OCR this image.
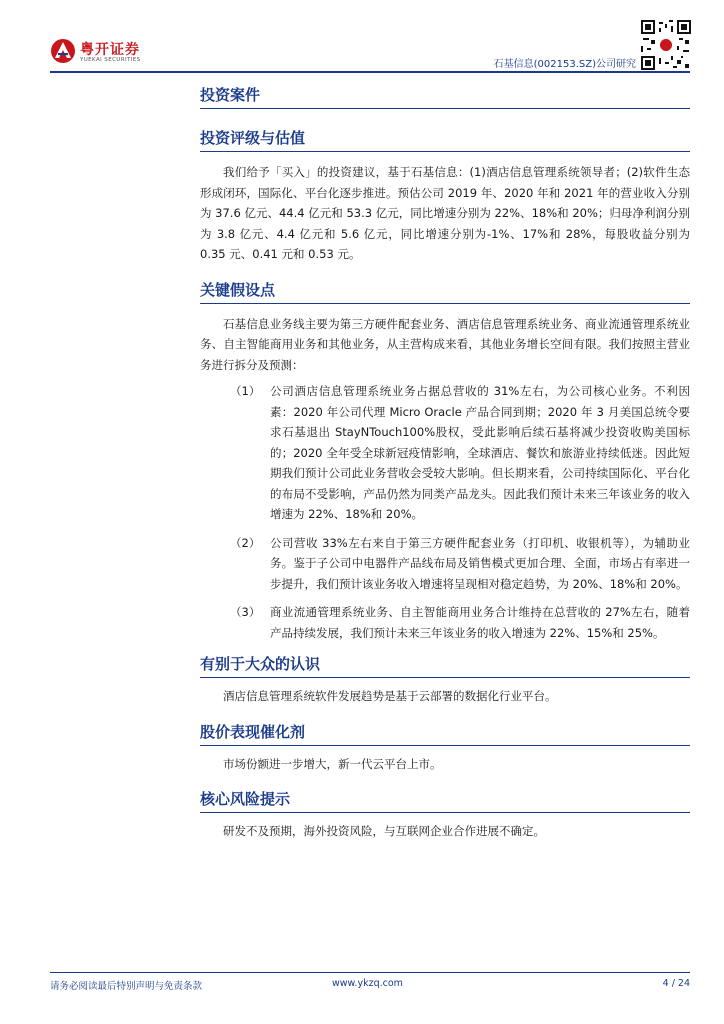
粤开证券
YUEKAI SECURITIES	石基信息(002153.SZ)公司研究
投资案件
投资评级与估值

我们给予「买入」的投资建议，基于石基信息：(1)酒店信息管理系统领导者；(2)软件生态形成闭环，国际化、平台化逐步推进。预估公司 2019 年、2020 年和 2021 年的营业收入分别为 37.6 亿元、44.4 亿元和 53.3 亿元，同比增速分别为 22%、18%和 20%；归母净利润分别为 3.8 亿元、4.4 亿元和 5.6 亿元，同比增速分别为-1%、17%和 28%，每股收益分别为 0.35 元、0.41 元和 0.53 元。

关键假设点

石基信息业务线主要为第三方硬件配套业务、酒店信息管理系统业务、商业流通管理系统业务、自主智能商用业务和其他业务，从主营构成来看，其他业务增长空间有限。我们按照主营业务进行拆分及预测：

（1） 公司酒店信息管理系统业务占据总营收的 31%左右，为公司核心业务。不利因素：2020 年公司代理 Micro Oracle 产品合同到期；2020 年 3 月美国总统令要求石基退出 StayNTouch100%股权，受此影响后续石基将减少投资收购美国标的；2020 全年受全球新冠疫情影响，全球酒店、餐饮和旅游业持续低迷。因此短期我们预计公司此业务营收会受较大影响。但长期来看，公司持续国际化、平台化的布局不受影响，产品仍然为同类产品龙头。因此我们预计未来三年该业务的收入增速为 22%、18%和 20%。
（2） 公司营收 33%左右来自于第三方硬件配套业务（打印机、收银机等），为辅助业务。鉴于子公司中电器件产品线布局及销售模式更加合理、全面，市场占有率进一步提升，我们预计该业务收入增速将呈现相对稳定趋势，为 20%、18%和 20%。
（3） 商业流通管理系统业务、自主智能商用业务合计维持在总营收的 27%左右，随着产品持续发展，我们预计未来三年该业务的收入增速为 22%、15%和 25%。
有别于大众的认识

酒店信息管理系统软件发展趋势是基于云部署的数据化行业平台。

股价表现催化剂

市场份额进一步增大，新一代云平台上市。

核心风险提示

研发不及预期，海外投资风险，与互联网企业合作进展不确定。

请务必阅读最后特别声明与免责条款	www.ykzq.com	4 / 24
